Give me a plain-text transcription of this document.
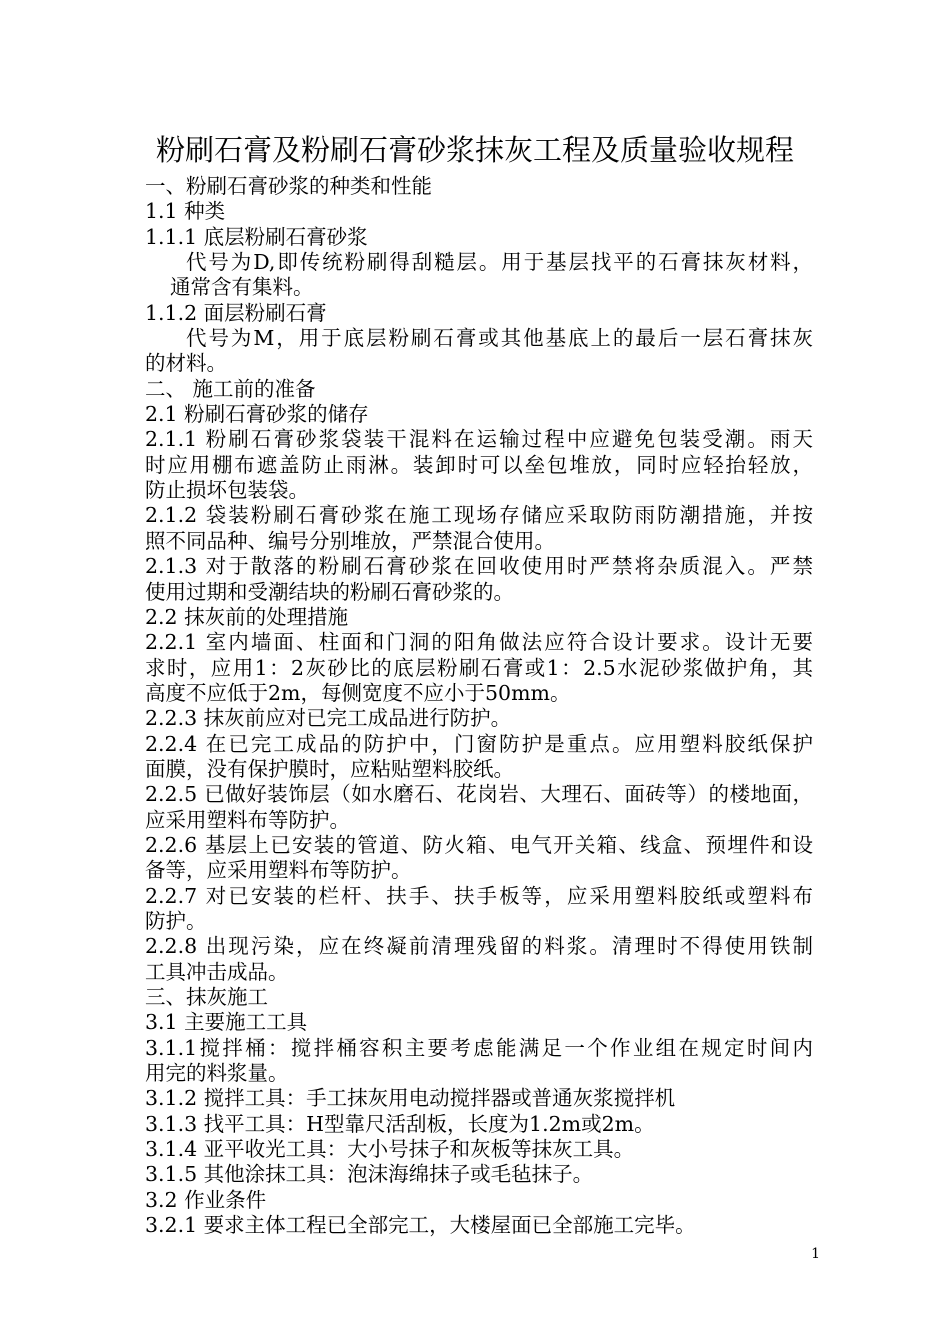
粉刷石膏及粉刷石膏砂浆抹灰工程及质量验收规程
一、粉刷石膏砂浆的种类和性能
1.1 种类
1.1.1 底层粉刷石膏砂浆
代号为D,即传统粉刷得刮糙层。用于基层找平的石膏抹灰材料，
通常含有集料。
1.1.2 面层粉刷石膏
代号为M，用于底层粉刷石膏或其他基底上的最后一层石膏抹灰
的材料。
二、 施工前的准备
2.1 粉刷石膏砂浆的储存
2.1.1 粉刷石膏砂浆袋装干混料在运输过程中应避免包装受潮。雨天
时应用棚布遮盖防止雨淋。装卸时可以垒包堆放，同时应轻抬轻放，
防止损坏包装袋。
2.1.2 袋装粉刷石膏砂浆在施工现场存储应采取防雨防潮措施，并按
照不同品种、编号分别堆放，严禁混合使用。
2.1.3 对于散落的粉刷石膏砂浆在回收使用时严禁将杂质混入。严禁
使用过期和受潮结块的粉刷石膏砂浆的。
2.2 抹灰前的处理措施
2.2.1 室内墙面、柱面和门洞的阳角做法应符合设计要求。设计无要
求时，应用1：2灰砂比的底层粉刷石膏或1：2.5水泥砂浆做护角，其
高度不应低于2m，每侧宽度不应小于50mm。
2.2.3 抹灰前应对已完工成品进行防护。
2.2.4 在已完工成品的防护中，门窗防护是重点。应用塑料胶纸保护
面膜，没有保护膜时，应粘贴塑料胶纸。
2.2.5 已做好装饰层（如水磨石、花岗岩、大理石、面砖等）的楼地面，
应采用塑料布等防护。
2.2.6 基层上已安装的管道、防火箱、电气开关箱、线盒、预埋件和设
备等，应采用塑料布等防护。
2.2.7 对已安装的栏杆、扶手、扶手板等，应采用塑料胶纸或塑料布
防护。
2.2.8 出现污染，应在终凝前清理残留的料浆。清理时不得使用铁制
工具冲击成品。
三、抹灰施工
3.1 主要施工工具
3.1.1搅拌桶：搅拌桶容积主要考虑能满足一个作业组在规定时间内
用完的料浆量。
3.1.2 搅拌工具：手工抹灰用电动搅拌器或普通灰浆搅拌机
3.1.3 找平工具：H型靠尺活刮板，长度为1.2m或2m。
3.1.4 亚平收光工具：大小号抹子和灰板等抹灰工具。
3.1.5 其他涂抹工具：泡沫海绵抹子或毛毡抹子。
3.2 作业条件
3.2.1 要求主体工程已全部完工，大楼屋面已全部施工完毕。
1
